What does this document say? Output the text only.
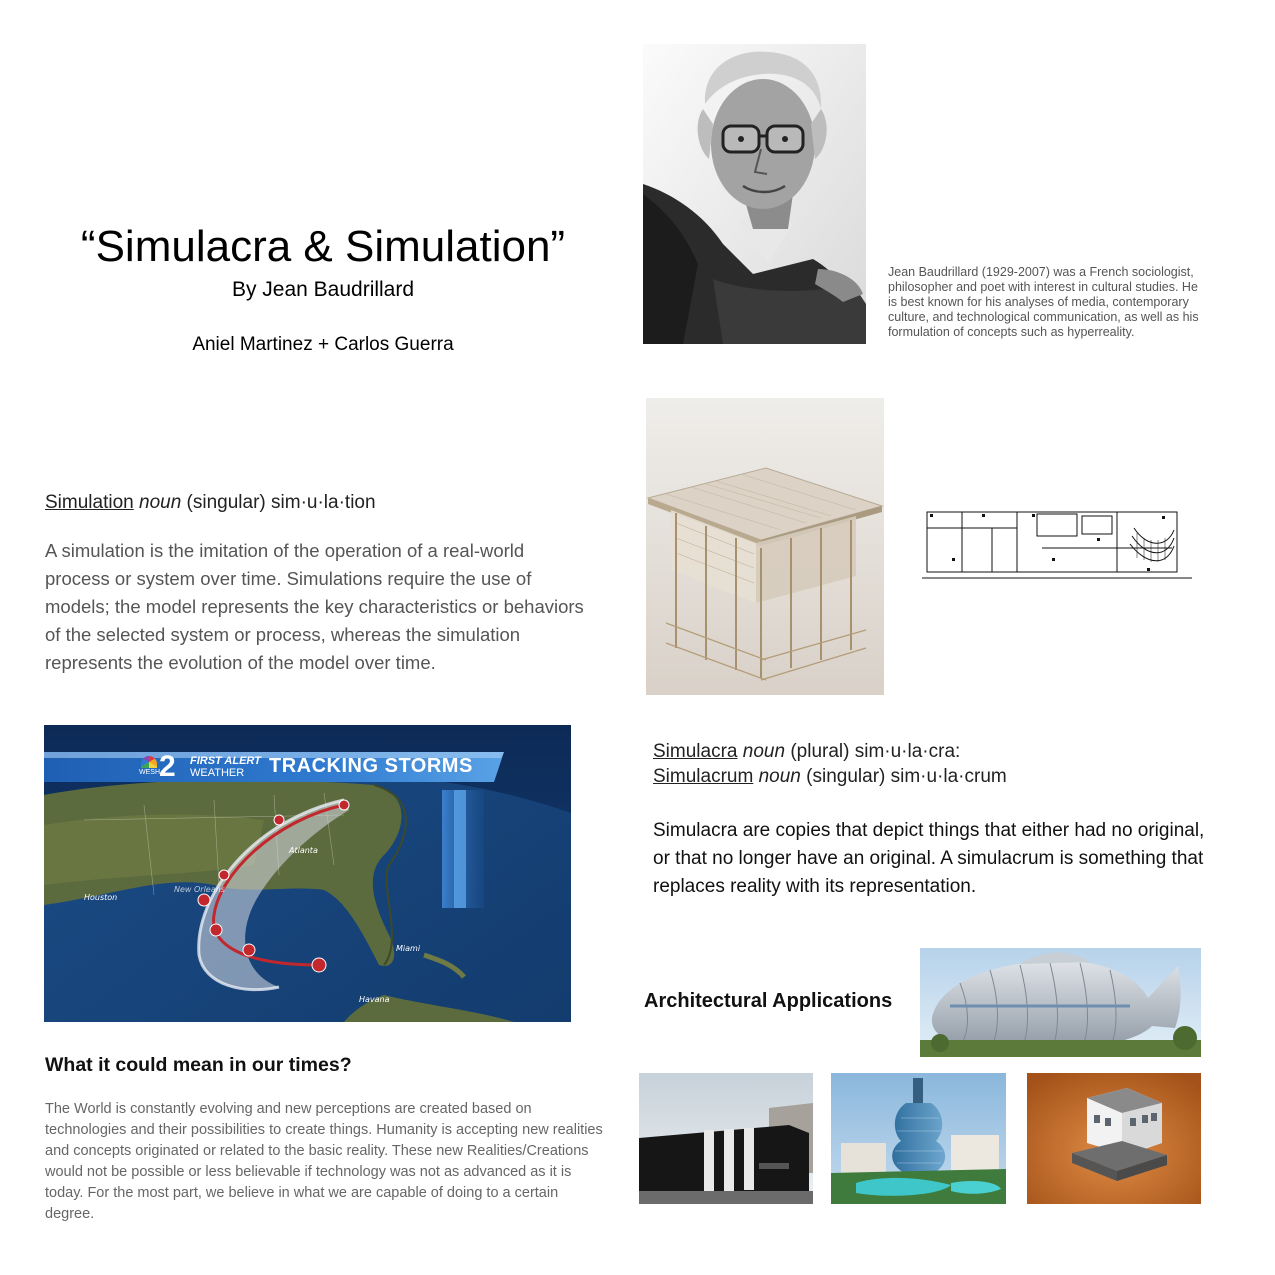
“Simulacra & Simulation”
By Jean Baudrillard
Aniel Martinez + Carlos Guerra
Jean Baudrillard (1929-2007) was a French sociologist, philosopher and poet with interest in cultural studies. He is best known for his analyses of media, contemporary culture, and technological communication, as well as his formulation of concepts such as hyperreality.
Simulation noun (singular) sim·u·la·tion
A simulation is the imitation of the operation of a real-world process or system over time. Simulations require the use of models; the model represents the key characteristics or behaviors of the selected system or process, whereas the simulation represents the evolution of the model over time.
Atlanta
Houston
New Orleans
Miami
Havana
2
WESH
FIRST ALERT
WEATHER TRACKING STORMS
What it could mean in our times?
The World is constantly evolving and new perceptions are created based on technologies and their possibilities to create things. Humanity is accepting new realities and concepts originated or related to the basic reality. These new Realities/Creations would not be possible or less believable if technology was not as advanced as it is today. For the most part, we believe in what we are capable of doing to a certain degree.
Simulacra noun (plural) sim·u·la·cra:
Simulacrum noun (singular) sim·u·la·crum
Simulacra are copies that depict things that either had no original, or that no longer have an original. A simulacrum is something that replaces reality with its representation.
Architectural Applications
